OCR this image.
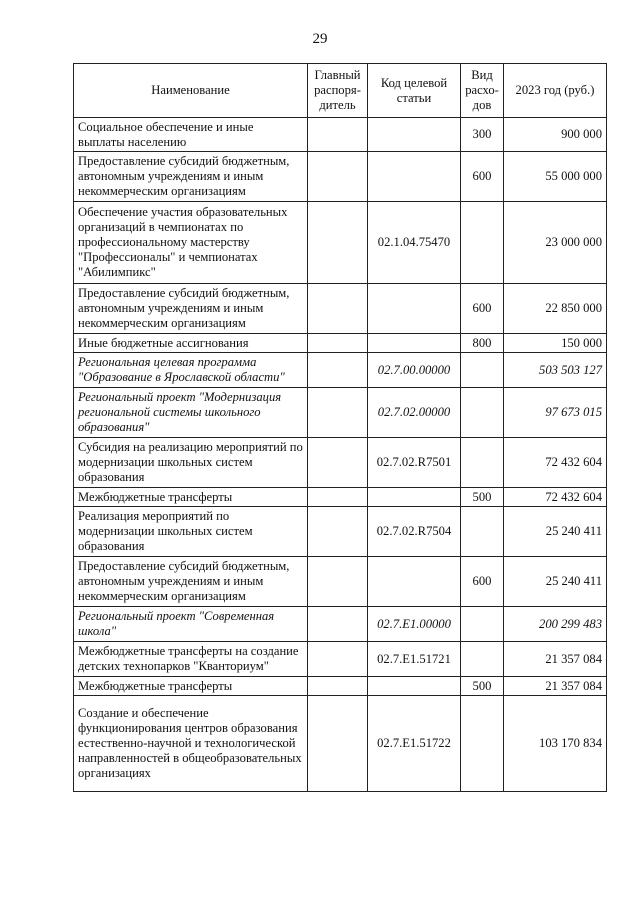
29
Наименование	Главный распоря-дитель	Код целевой статьи	Вид расхо-дов	2023 год (руб.)
Социальное обеспечение и иные выплаты населению			300	900 000
Предоставление субсидий бюджетным, автономным учреждениям и иным некоммерческим организациям			600	55 000 000
Обеспечение участия образовательных организаций в чемпионатах по профессиональному мастерству "Профессионалы" и чемпионатах "Абилимпикс"		02.1.04.75470		23 000 000
Предоставление субсидий бюджетным, автономным учреждениям и иным некоммерческим организациям			600	22 850 000
Иные бюджетные ассигнования			800	150 000
Региональная целевая программа "Образование в Ярославской области"		02.7.00.00000		503 503 127
Региональный проект "Модернизация региональной системы школьного образования"		02.7.02.00000		97 673 015
Субсидия на реализацию мероприятий по модернизации школьных систем образования		02.7.02.R7501		72 432 604
Межбюджетные трансферты			500	72 432 604
Реализация мероприятий по модернизации школьных систем образования		02.7.02.R7504		25 240 411
Предоставление субсидий бюджетным, автономным учреждениям и иным некоммерческим организациям			600	25 240 411
Региональный проект "Современная школа"		02.7.Е1.00000		200 299 483
Межбюджетные трансферты на создание детских технопарков "Кванториум"		02.7.Е1.51721		21 357 084
Межбюджетные трансферты			500	21 357 084
Создание и обеспечение функционирования центров образования естественно-научной и технологической направленностей в общеобразовательных организациях		02.7.Е1.51722		103 170 834
